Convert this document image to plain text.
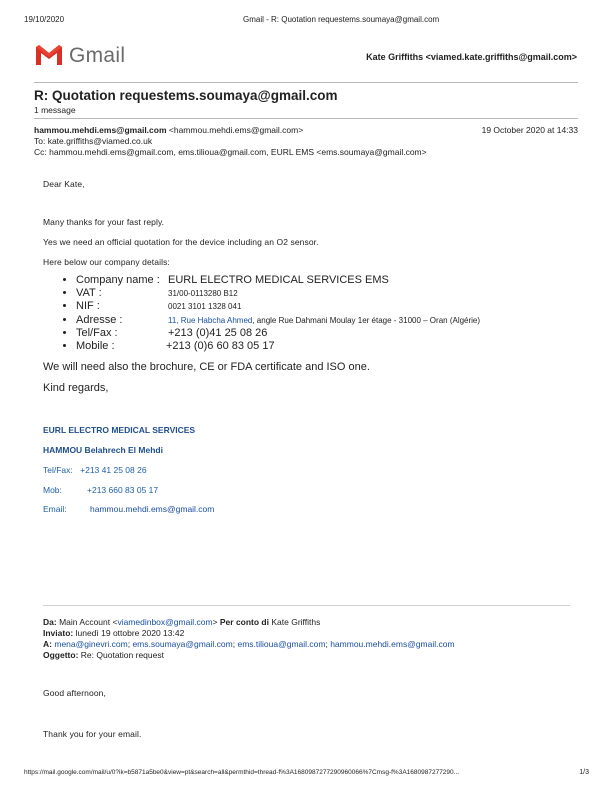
19/10/2020	Gmail - R: Quotation requestems.soumaya@gmail.com
Gmail	Kate Griffiths <viamed.kate.griffiths@gmail.com>
R: Quotation requestems.soumaya@gmail.com
1 message
hammou.mehdi.ems@gmail.com <hammou.mehdi.ems@gmail.com>	19 October 2020 at 14:33
To: kate.griffiths@viamed.co.uk
Cc: hammou.mehdi.ems@gmail.com, ems.tilioua@gmail.com, EURL EMS <ems.soumaya@gmail.com>
Dear Kate,
Many thanks for your fast reply.
Yes we need an official quotation for the device including an O2 sensor.
Here below our company details:
• Company name : EURL ELECTRO MEDICAL SERVICES EMS
• VAT :	31/00-0113280 B12
• NIF :	0021 3101 1328 041
• Adresse :	11, Rue Habcha Ahmed, angle Rue Dahmani Moulay 1er étage - 31000 – Oran (Algérie)
• Tel/Fax :	+213 (0)41 25 08 26
• Mobile :	+213 (0)6 60 83 05 17
We will need also the brochure, CE or FDA certificate and ISO one.
Kind regards,
EURL ELECTRO MEDICAL SERVICES
HAMMOU Belahrech El Mehdi
Tel/Fax: +213 41 25 08 26
Mob:	+213 660 83 05 17
Email:	hammou.mehdi.ems@gmail.com
Da: Main Account <viamedinbox@gmail.com> Per conto di Kate Griffiths
Inviato: lunedì 19 ottobre 2020 13:42
A: mena@ginevri.com; ems.soumaya@gmail.com; ems.tilioua@gmail.com; hammou.mehdi.ems@gmail.com
Oggetto: Re: Quotation request
Good afternoon,
Thank you for your email.
https://mail.google.com/mail/u/0?ik=b5871a5be0&view=pt&search=all&permthid=thread-f%3A1680987277290960066%7Cmsg-f%3A1680987277290...	1/3
